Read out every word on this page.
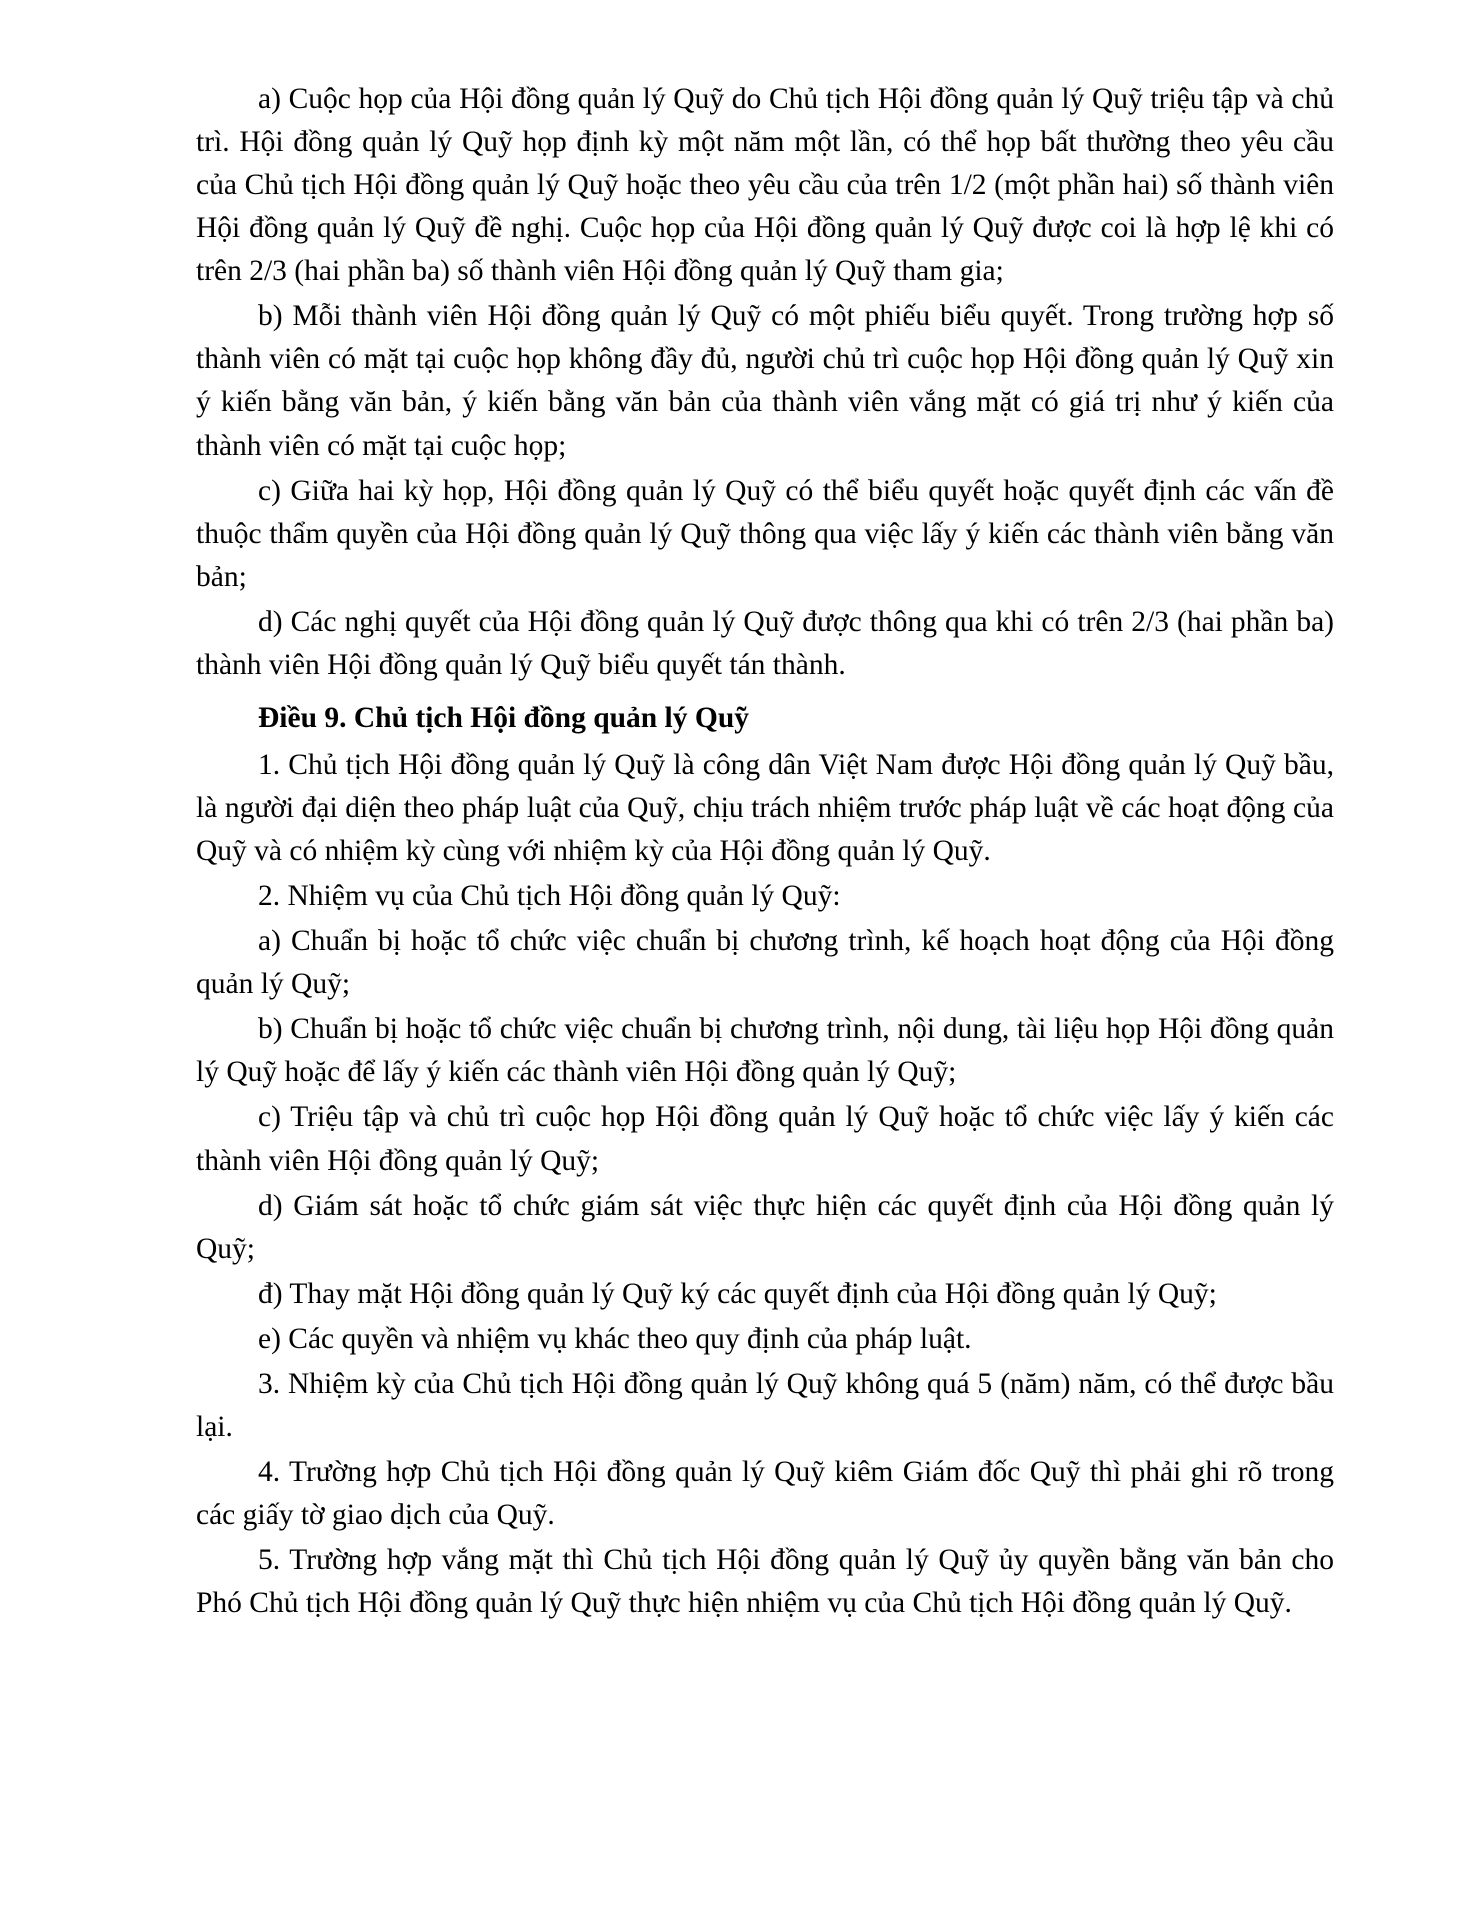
a) Cuộc họp của Hội đồng quản lý Quỹ do Chủ tịch Hội đồng quản lý Quỹ triệu tập và chủ trì. Hội đồng quản lý Quỹ họp định kỳ một năm một lần, có thể họp bất thường theo yêu cầu của Chủ tịch Hội đồng quản lý Quỹ hoặc theo yêu cầu của trên 1/2 (một phần hai) số thành viên Hội đồng quản lý Quỹ đề nghị. Cuộc họp của Hội đồng quản lý Quỹ được coi là hợp lệ khi có trên 2/3 (hai phần ba) số thành viên Hội đồng quản lý Quỹ tham gia;

b) Mỗi thành viên Hội đồng quản lý Quỹ có một phiếu biểu quyết. Trong trường hợp số thành viên có mặt tại cuộc họp không đầy đủ, người chủ trì cuộc họp Hội đồng quản lý Quỹ xin ý kiến bằng văn bản, ý kiến bằng văn bản của thành viên vắng mặt có giá trị như ý kiến của thành viên có mặt tại cuộc họp;

c) Giữa hai kỳ họp, Hội đồng quản lý Quỹ có thể biểu quyết hoặc quyết định các vấn đề thuộc thẩm quyền của Hội đồng quản lý Quỹ thông qua việc lấy ý kiến các thành viên bằng văn bản;

d) Các nghị quyết của Hội đồng quản lý Quỹ được thông qua khi có trên 2/3 (hai phần ba) thành viên Hội đồng quản lý Quỹ biểu quyết tán thành.

Điều 9. Chủ tịch Hội đồng quản lý Quỹ

1. Chủ tịch Hội đồng quản lý Quỹ là công dân Việt Nam được Hội đồng quản lý Quỹ bầu, là người đại diện theo pháp luật của Quỹ, chịu trách nhiệm trước pháp luật về các hoạt động của Quỹ và có nhiệm kỳ cùng với nhiệm kỳ của Hội đồng quản lý Quỹ.

2. Nhiệm vụ của Chủ tịch Hội đồng quản lý Quỹ:

a) Chuẩn bị hoặc tổ chức việc chuẩn bị chương trình, kế hoạch hoạt động của Hội đồng quản lý Quỹ;

b) Chuẩn bị hoặc tổ chức việc chuẩn bị chương trình, nội dung, tài liệu họp Hội đồng quản lý Quỹ hoặc để lấy ý kiến các thành viên Hội đồng quản lý Quỹ;

c) Triệu tập và chủ trì cuộc họp Hội đồng quản lý Quỹ hoặc tổ chức việc lấy ý kiến các thành viên Hội đồng quản lý Quỹ;

d) Giám sát hoặc tổ chức giám sát việc thực hiện các quyết định của Hội đồng quản lý Quỹ;

đ) Thay mặt Hội đồng quản lý Quỹ ký các quyết định của Hội đồng quản lý Quỹ;

e) Các quyền và nhiệm vụ khác theo quy định của pháp luật.

3. Nhiệm kỳ của Chủ tịch Hội đồng quản lý Quỹ không quá 5 (năm) năm, có thể được bầu lại.

4. Trường hợp Chủ tịch Hội đồng quản lý Quỹ kiêm Giám đốc Quỹ thì phải ghi rõ trong các giấy tờ giao dịch của Quỹ.

5. Trường hợp vắng mặt thì Chủ tịch Hội đồng quản lý Quỹ ủy quyền bằng văn bản cho Phó Chủ tịch Hội đồng quản lý Quỹ thực hiện nhiệm vụ của Chủ tịch Hội đồng quản lý Quỹ.
